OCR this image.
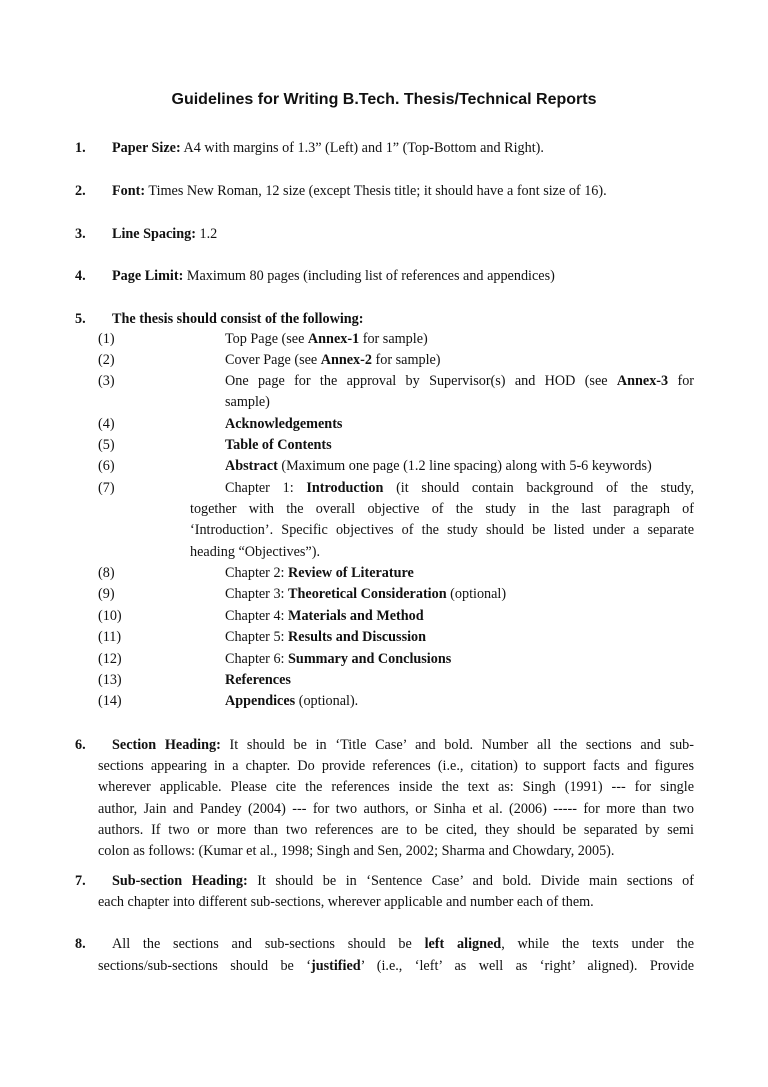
Guidelines for Writing B.Tech. Thesis/Technical Reports
1. Paper Size: A4 with margins of 1.3” (Left) and 1” (Top-Bottom and Right).
2. Font: Times New Roman, 12 size (except Thesis title; it should have a font size of 16).
3. Line Spacing: 1.2
4. Page Limit: Maximum 80 pages (including list of references and appendices)
5. The thesis should consist of the following:
(1)	Top Page (see Annex-1 for sample)
(2)	Cover Page (see Annex-2 for sample)
(3)	One page for the approval by Supervisor(s) and HOD (see Annex-3 for
sample)
(4)	Acknowledgements
(5)	Table of Contents
(6)	Abstract (Maximum one page (1.2 line spacing) along with 5-6 keywords)
(7)	Chapter 1: Introduction (it should contain background of the study,
together with the overall objective of the study in the last paragraph of
‘Introduction’. Specific objectives of the study should be listed under a separate
heading “Objectives”).
(8)	Chapter 2: Review of Literature
(9)	Chapter 3: Theoretical Consideration (optional)
(10)	Chapter 4: Materials and Method
(11)	Chapter 5: Results and Discussion
(12)	Chapter 6: Summary and Conclusions
(13)	References
(14)	Appendices (optional).
6. Section Heading: It should be in ‘Title Case’ and bold. Number all the sections and sub-
sections appearing in a chapter. Do provide references (i.e., citation) to support facts and figures
wherever applicable. Please cite the references inside the text as: Singh (1991) --- for single
author, Jain and Pandey (2004) --- for two authors, or Sinha et al. (2006) ----- for more than two
authors. If two or more than two references are to be cited, they should be separated by semi
colon as follows: (Kumar et al., 1998; Singh and Sen, 2002; Sharma and Chowdary, 2005).
7. Sub-section Heading: It should be in ‘Sentence Case’ and bold. Divide main sections of
each chapter into different sub-sections, wherever applicable and number each of them.
8. All the sections and sub-sections should be left aligned, while the texts under the
sections/sub-sections should be ‘justified’ (i.e., ‘left’ as well as ‘right’ aligned). Provide
